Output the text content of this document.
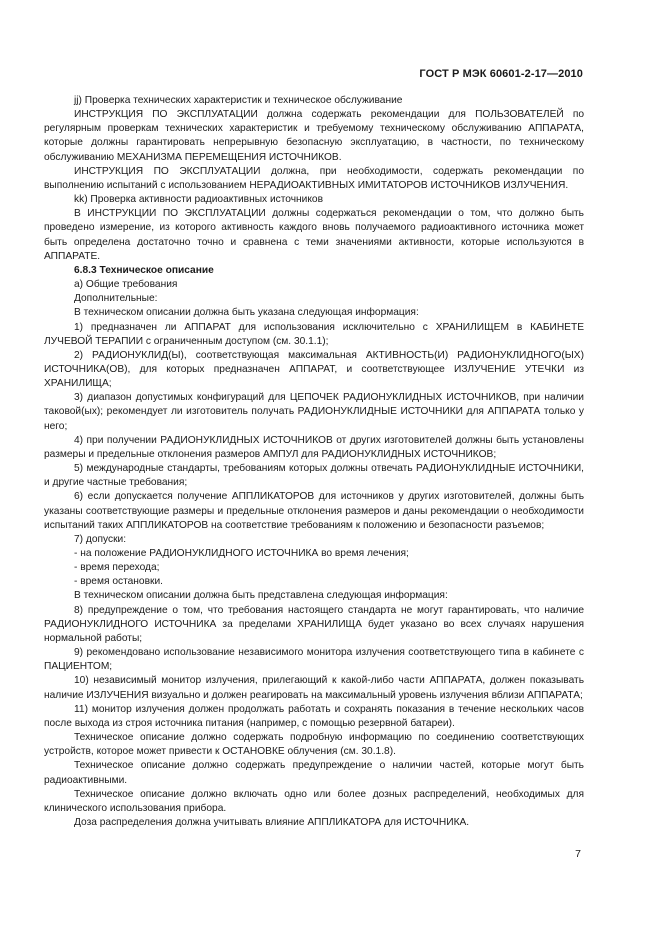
ГОСТ Р МЭК 60601-2-17—2010

jj) Проверка технических характеристик и техническое обслуживание

ИНСТРУКЦИЯ ПО ЭКСПЛУАТАЦИИ должна содержать рекомендации для ПОЛЬЗОВАТЕЛЕЙ по регулярным проверкам технических характеристик и требуемому техническому обслуживанию АППАРАТА, которые должны гарантировать непрерывную безопасную эксплуатацию, в частности, по техническому обслуживанию МЕХАНИЗМА ПЕРЕМЕЩЕНИЯ ИСТОЧНИКОВ.

ИНСТРУКЦИЯ ПО ЭКСПЛУАТАЦИИ должна, при необходимости, содержать рекомендации по выполнению испытаний с использованием НЕРАДИОАКТИВНЫХ ИМИТАТОРОВ ИСТОЧНИКОВ ИЗЛУЧЕНИЯ.

kk) Проверка активности радиоактивных источников

В ИНСТРУКЦИИ ПО ЭКСПЛУАТАЦИИ должны содержаться рекомендации о том, что должно быть проведено измерение, из которого активность каждого вновь получаемого радиоактивного источника может быть определена достаточно точно и сравнена с теми значениями активности, которые используются в АППАРАТЕ.

6.8.3 Техническое описание

а) Общие требования

Дополнительные:

В техническом описании должна быть указана следующая информация:

1) предназначен ли АППАРАТ для использования исключительно с ХРАНИЛИЩЕМ в КАБИНЕТЕ ЛУЧЕВОЙ ТЕРАПИИ с ограниченным доступом (см. 30.1.1);

2) РАДИОНУКЛИД(Ы), соответствующая максимальная АКТИВНОСТЬ(И) РАДИОНУКЛИДНОГО(ЫХ) ИСТОЧНИКА(ОВ), для которых предназначен АППАРАТ, и соответствующее ИЗЛУЧЕНИЕ УТЕЧКИ из ХРАНИЛИЩА;

3) диапазон допустимых конфигураций для ЦЕПОЧЕК РАДИОНУКЛИДНЫХ ИСТОЧНИКОВ, при наличии таковой(ых); рекомендует ли изготовитель получать РАДИОНУКЛИДНЫЕ ИСТОЧНИКИ для АППАРАТА только у него;

4) при получении РАДИОНУКЛИДНЫХ ИСТОЧНИКОВ от других изготовителей должны быть установлены размеры и предельные отклонения размеров АМПУЛ для РАДИОНУКЛИДНЫХ ИСТОЧНИКОВ;

5) международные стандарты, требованиям которых должны отвечать РАДИОНУКЛИДНЫЕ ИСТОЧНИКИ, и другие частные требования;

6) если допускается получение АППЛИКАТОРОВ для источников у других изготовителей, должны быть указаны соответствующие размеры и предельные отклонения размеров и даны рекомендации о необходимости испытаний таких АППЛИКАТОРОВ на соответствие требованиям к положению и безопасности разъемов;

7) допуски:

- на положение РАДИОНУКЛИДНОГО ИСТОЧНИКА во время лечения;

- время перехода;

- время остановки.

В техническом описании должна быть представлена следующая информация:

8) предупреждение о том, что требования настоящего стандарта не могут гарантировать, что наличие РАДИОНУКЛИДНОГО ИСТОЧНИКА за пределами ХРАНИЛИЩА будет указано во всех случаях нарушения нормальной работы;

9) рекомендовано использование независимого монитора излучения соответствующего типа в кабинете с ПАЦИЕНТОМ;

10) независимый монитор излучения, прилегающий к какой-либо части АППАРАТА, должен показывать наличие ИЗЛУЧЕНИЯ визуально и должен реагировать на максимальный уровень излучения вблизи АППАРАТА;

11) монитор излучения должен продолжать работать и сохранять показания в течение нескольких часов после выхода из строя источника питания (например, с помощью резервной батареи).

Техническое описание должно содержать подробную информацию по соединению соответствующих устройств, которое может привести к ОСТАНОВКЕ облучения (см. 30.1.8).

Техническое описание должно содержать предупреждение о наличии частей, которые могут быть радиоактивными.

Техническое описание должно включать одно или более дозных распределений, необходимых для клинического использования прибора.

Доза распределения должна учитывать влияние АППЛИКАТОРА для ИСТОЧНИКА.

7
